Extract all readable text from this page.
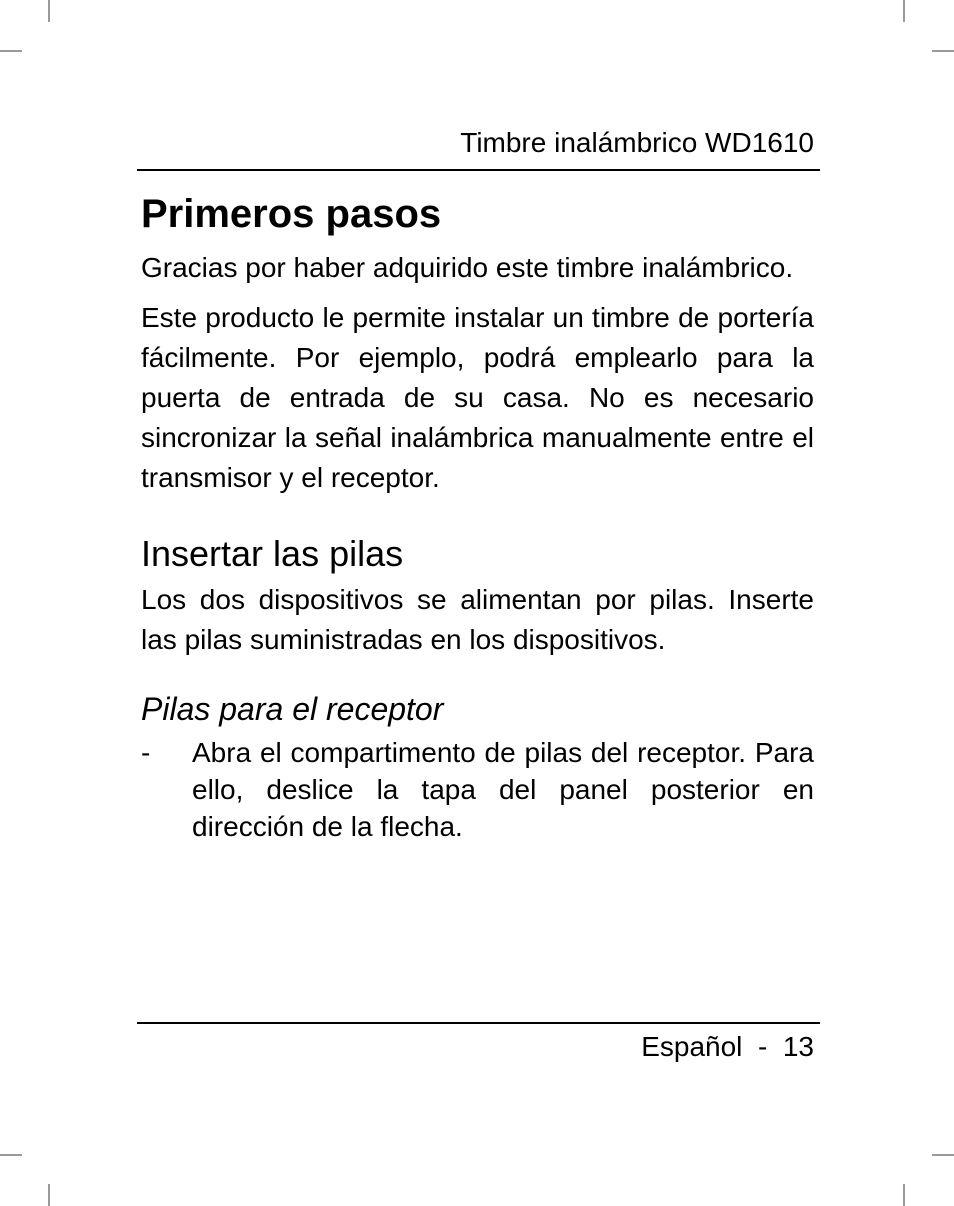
Timbre inalámbrico WD1610
Primeros pasos

Gracias por haber adquirido este timbre inalámbrico.

Este producto le permite instalar un timbre de portería fácilmente. Por ejemplo, podrá emplearlo para la puerta de entrada de su casa. No es necesario sincronizar la señal inalámbrica manualmente entre el transmisor y el receptor.

Insertar las pilas

Los dos dispositivos se alimentan por pilas. Inserte las pilas suministradas en los dispositivos.

Pilas para el receptor
- Abra el compartimento de pilas del receptor. Para ello, deslice la tapa del panel posterior en dirección de la flecha.
Español  -  13
